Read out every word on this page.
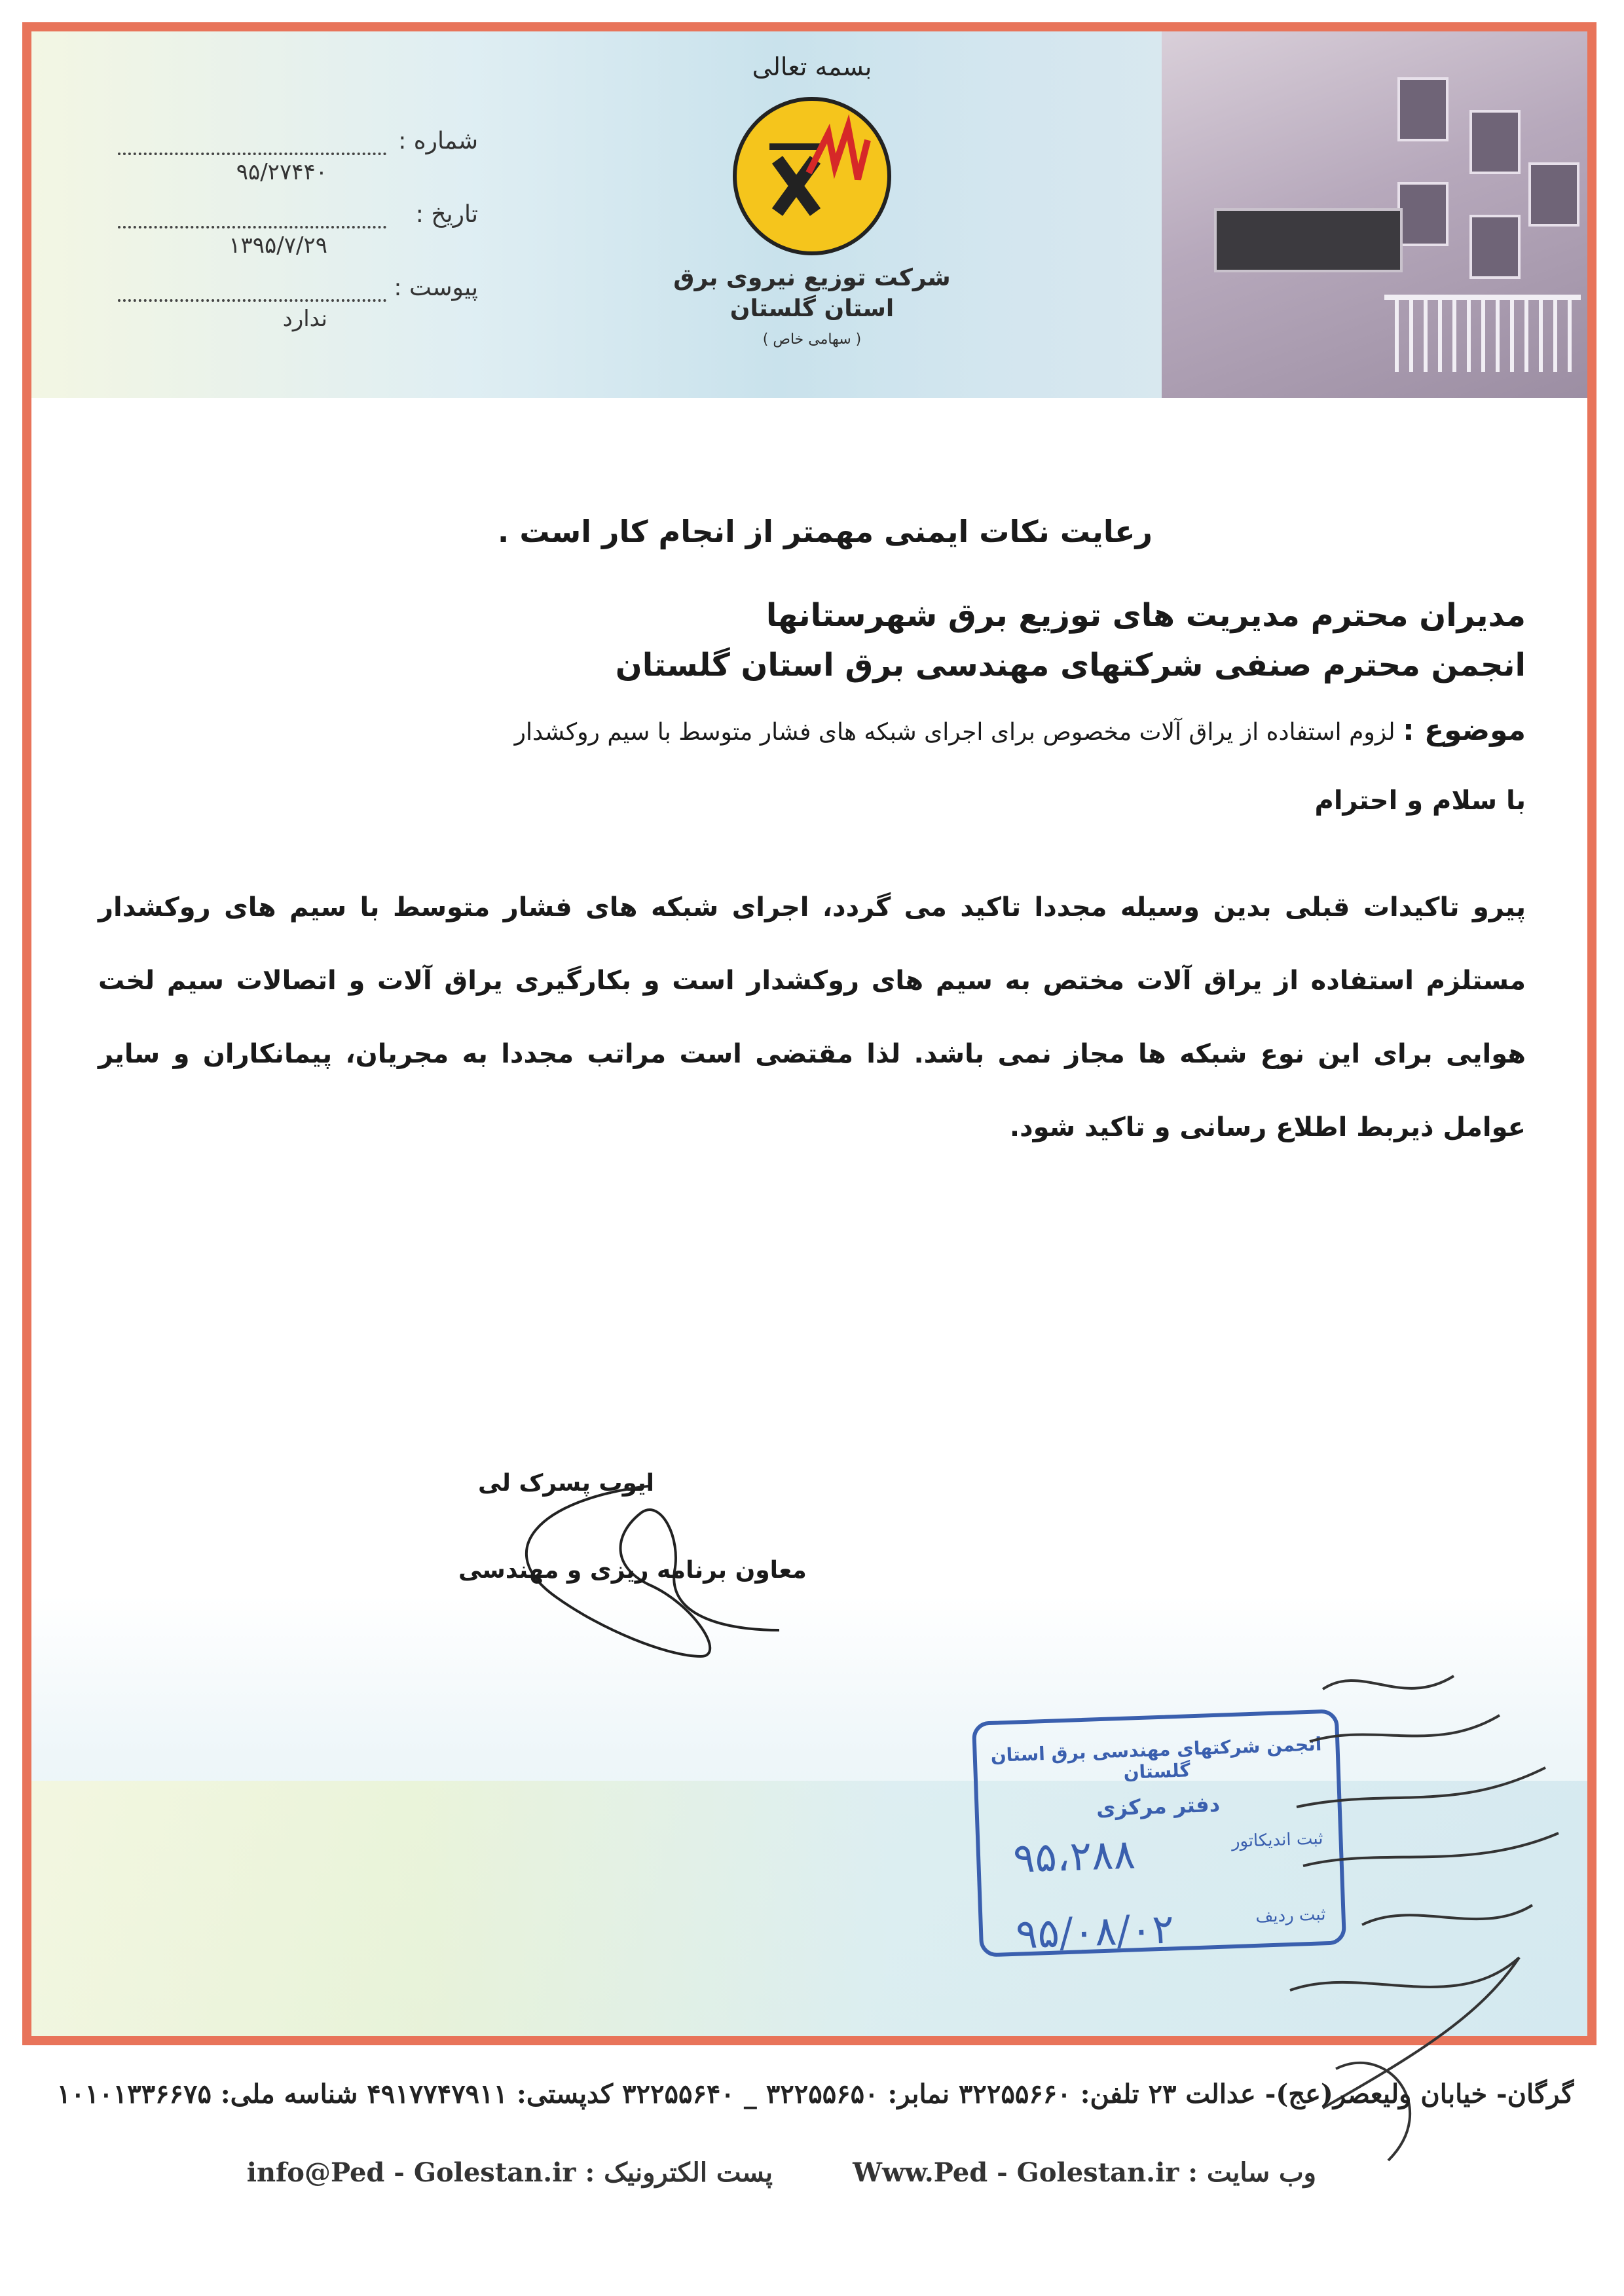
بسمه تعالی
شرکت توزیع نیروی برق
استان گلستان
( سهامی خاص )
شماره :
۹۵/۲۷۴۴۰
تاریخ :
۱۳۹۵/۷/۲۹
پیوست :
ندارد
رعایت نکات ایمنی مهمتر از انجام کار است .
مدیران محترم مدیریت های توزیع برق شهرستانها
انجمن محترم صنفی شرکتهای مهندسی برق استان گلستان
موضوع : لزوم استفاده از یراق آلات مخصوص برای اجرای شبکه های فشار متوسط با سیم روکشدار
با سلام و احترام
پیرو تاکیدات قبلی بدین وسیله مجددا تاکید می گردد، اجرای شبکه های فشار متوسط با سیم های روکشدار مستلزم استفاده از یراق آلات مختص به سیم های روکشدار است و بکارگیری یراق آلات و اتصالات سیم لخت هوایی برای این نوع شبکه ها مجاز نمی باشد. لذا مقتضی است مراتب مجددا به مجریان، پیمانکاران و سایر عوامل ذیربط اطلاع رسانی و تاکید شود.
ایوب پسرک لی
معاون برنامه ریزی و مهندسی
انجمن شرکتهای مهندسی برق استان گلستان
دفتر مرکزی
ثبت اندیکاتور
۹۵،۲۸۸
ثبت ردیف
۹۵/۰۸/۰۲
گرگان- خیابان ولیعصر(عج)- عدالت ۲۳ تلفن: ۳۲۲۵۵۶۶۰ نمابر: ۳۲۲۵۵۶۵۰ _ ۳۲۲۵۵۶۴۰ کدپستی: ۴۹۱۷۷۴۷۹۱۱ شناسه ملی: ۱۰۱۰۱۳۳۶۶۷۵
وب سایت : Www.Ped - Golestan.ir
پست الکترونیک : info@Ped - Golestan.ir
